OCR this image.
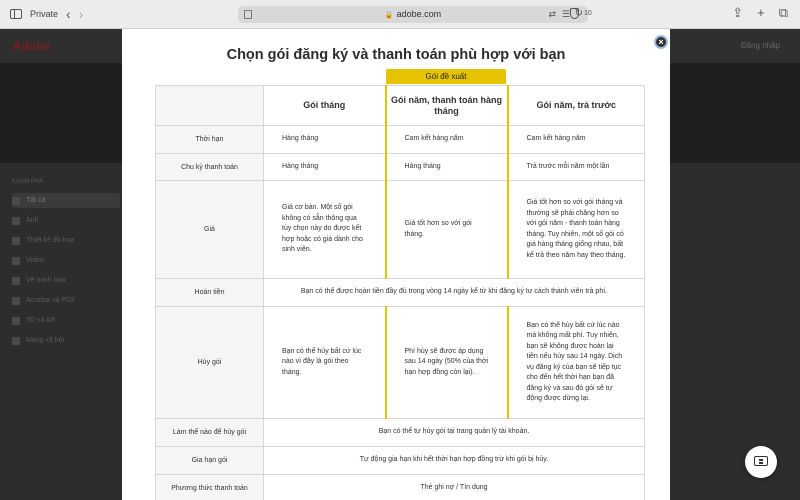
Private ‹ ›	🔒 adobe.com	⇄ ☰ ↻ 10	⇪ + ⧉
Adobe	Đăng nhập
KHÁM PHÁ
Tất cả
Ảnh
Thiết kế đồ họa
Video
Vẽ minh họa
Acrobat và PDF
3D và AR
Mạng xã hội
×
Chọn gói đăng ký và thanh toán phù hợp với bạn
Gói đề xuất
	Gói tháng	Gói năm, thanh toán hàng tháng	Gói năm, trả trước
Thời hạn	Hàng tháng	Cam kết hàng năm	Cam kết hàng năm
Chu kỳ thanh toán	Hàng tháng	Hàng tháng	Trả trước mỗi năm một lần
Giá	Giá cơ bản. Một số gói không có sẵn thông qua tùy chọn này do được kết hợp hoặc có giá dành cho sinh viên.	Giá tốt hơn so với gói tháng.	Giá tốt hơn so với gói tháng và thường sẽ phải chăng hơn so với gói năm - thanh toán hàng tháng. Tuy nhiên, một số gói có giá hàng tháng giống nhau, bất kể trả theo năm hay theo tháng.
Hoàn tiền	Bạn có thể được hoàn tiền đầy đủ trong vòng 14 ngày kể từ khi đăng ký tư cách thành viên trả phí.		
Hủy gói	Bạn có thể hủy bất cứ lúc nào vì đây là gói theo tháng.	Phí hủy sẽ được áp dụng sau 14 ngày (50% của thời hạn hợp đồng còn lại).	Bạn có thể hủy bất cứ lúc nào mà không mất phí. Tuy nhiên, bạn sẽ không được hoàn lại tiền nếu hủy sau 14 ngày. Dịch vụ đăng ký của bạn sẽ tiếp tục cho đến hết thời hạn bạn đã đăng ký và sau đó gói sẽ tự động được dừng lại.
Làm thế nào để hủy gói	Bạn có thể tự hủy gói tại trang quản lý tài khoản.		
Gia hạn gói	Tự động gia hạn khi hết thời hạn hợp đồng trừ khi gói bị hủy.		
Phương thức thanh toán	Thẻ ghi nợ / Tín dụng		
